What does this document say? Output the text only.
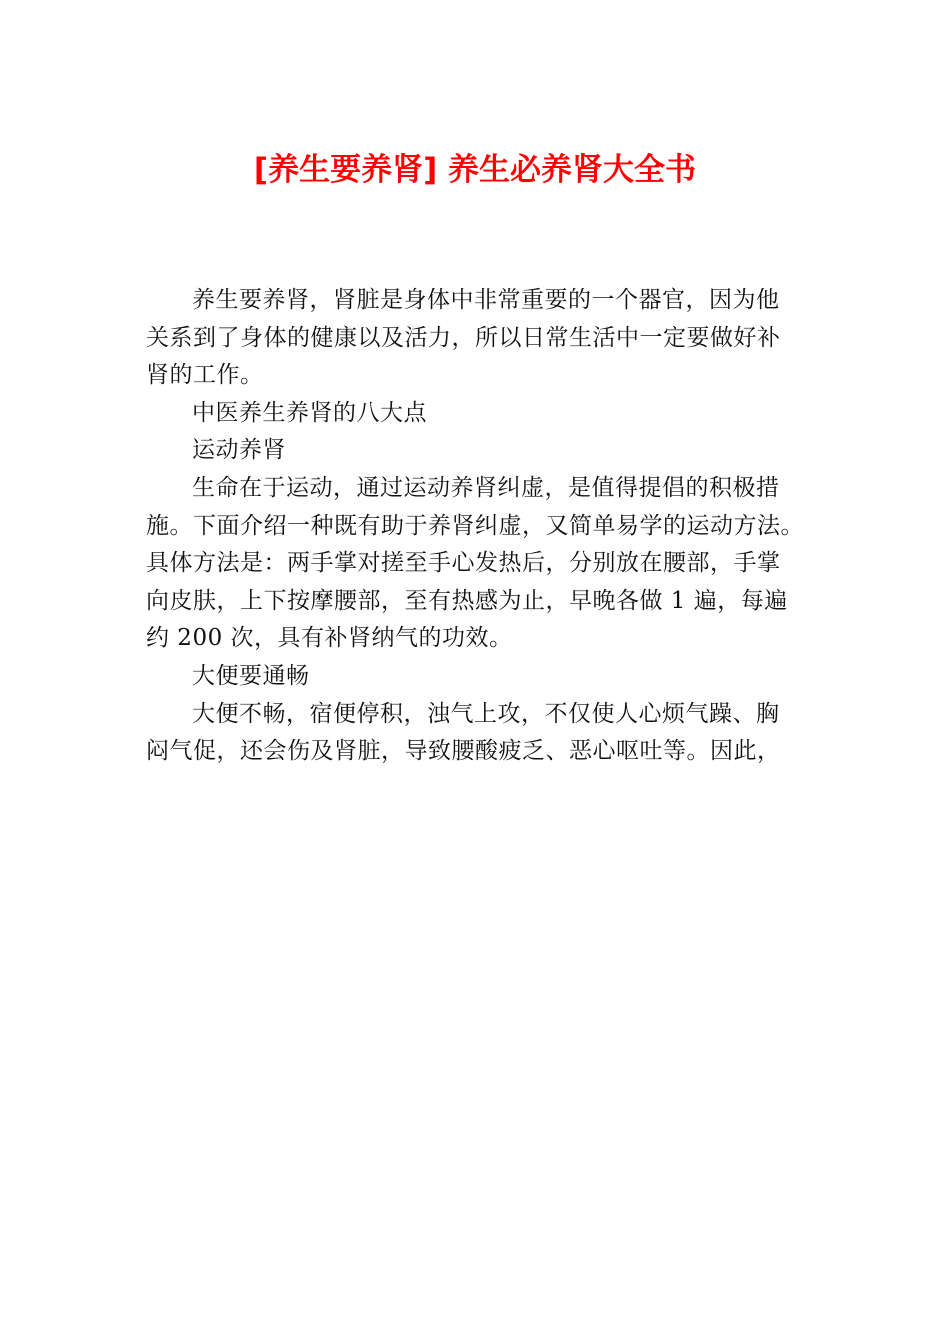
[养生要养肾] 养生必养肾大全书

养生要养肾，肾脏是身体中非常重要的一个器官，因为他
关系到了身体的健康以及活力，所以日常生活中一定要做好补
肾的工作。

中医养生养肾的八大点

运动养肾

生命在于运动，通过运动养肾纠虚，是值得提倡的积极措
施。下面介绍一种既有助于养肾纠虚，又简单易学的运动方法。
具体方法是：两手掌对搓至手心发热后，分别放在腰部，手掌
向皮肤，上下按摩腰部，至有热感为止，早晚各做 1 遍，每遍
约 200 次，具有补肾纳气的功效。

大便要通畅

大便不畅，宿便停积，浊气上攻，不仅使人心烦气躁、胸
闷气促，还会伤及肾脏，导致腰酸疲乏、恶心呕吐等。因此，
